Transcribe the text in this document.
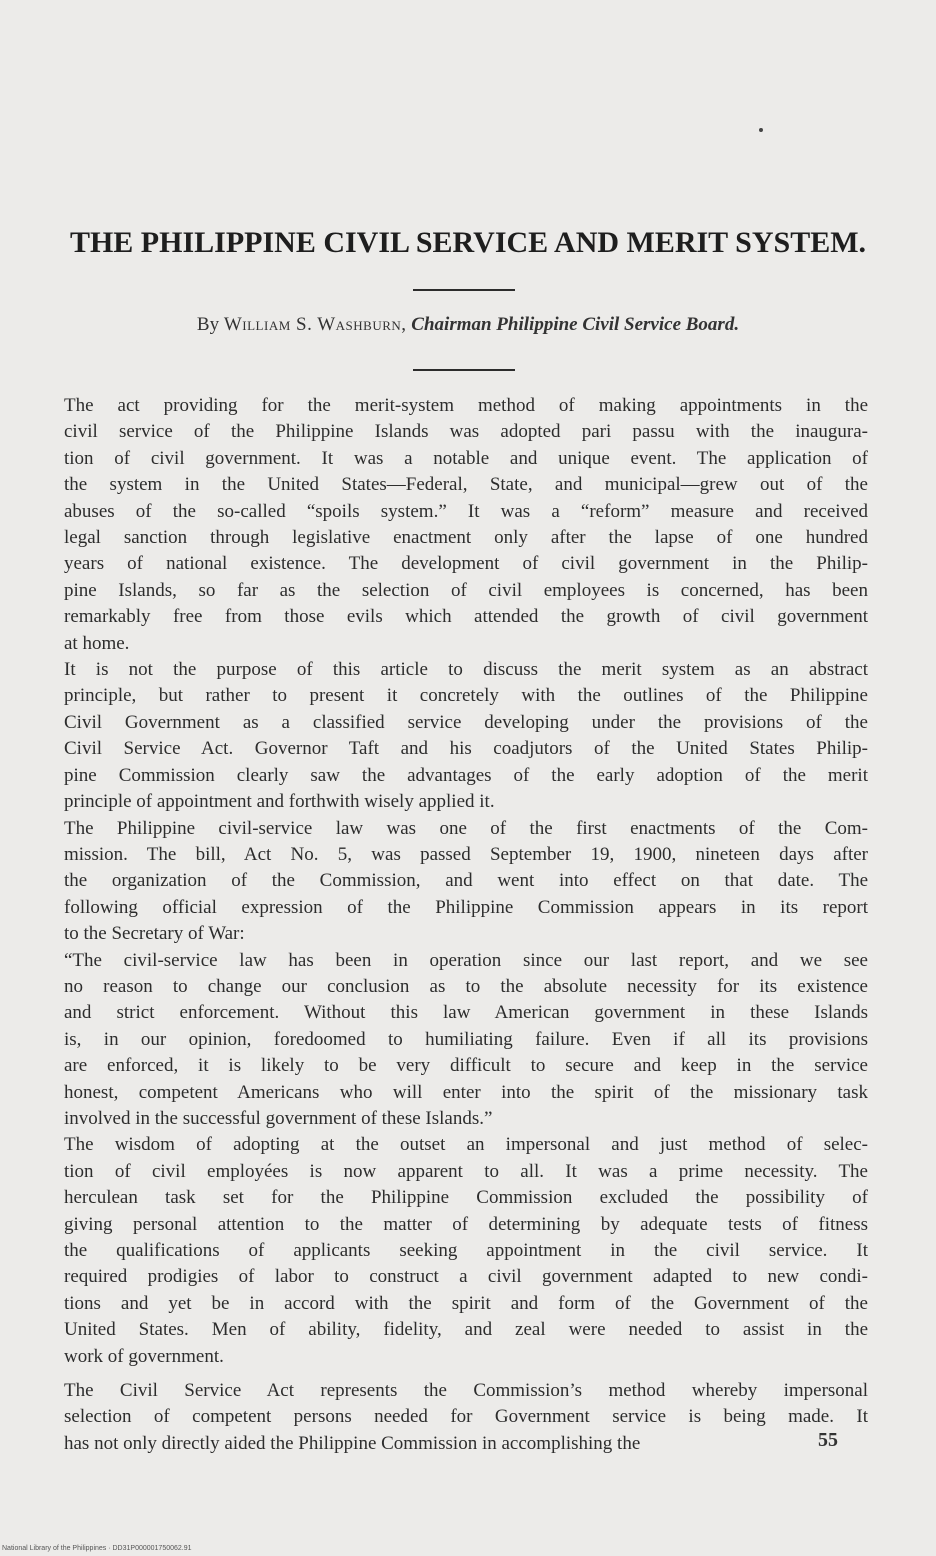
THE PHILIPPINE CIVIL SERVICE AND MERIT SYSTEM.
By William S. Washburn, Chairman Philippine Civil Service Board.

The act providing for the merit-system method of making appointments in the
civil service of the Philippine Islands was adopted pari passu with the inaugura-
tion of civil government. It was a notable and unique event. The application of
the system in the United States—Federal, State, and municipal—grew out of the
abuses of the so-called “spoils system.” It was a “reform” measure and received
legal sanction through legislative enactment only after the lapse of one hundred
years of national existence. The development of civil government in the Philip-
pine Islands, so far as the selection of civil employees is concerned, has been
remarkably free from those evils which attended the growth of civil government
at home.

It is not the purpose of this article to discuss the merit system as an abstract
principle, but rather to present it concretely with the outlines of the Philippine
Civil Government as a classified service developing under the provisions of the
Civil Service Act. Governor Taft and his coadjutors of the United States Philip-
pine Commission clearly saw the advantages of the early adoption of the merit
principle of appointment and forthwith wisely applied it.

The Philippine civil-service law was one of the first enactments of the Com-
mission. The bill, Act No. 5, was passed September 19, 1900, nineteen days after
the organization of the Commission, and went into effect on that date. The
following official expression of the Philippine Commission appears in its report
to the Secretary of War:

“The civil-service law has been in operation since our last report, and we see
no reason to change our conclusion as to the absolute necessity for its existence
and strict enforcement. Without this law American government in these Islands
is, in our opinion, foredoomed to humiliating failure. Even if all its provisions
are enforced, it is likely to be very difficult to secure and keep in the service
honest, competent Americans who will enter into the spirit of the missionary task
involved in the successful government of these Islands.”

The wisdom of adopting at the outset an impersonal and just method of selec-
tion of civil employées is now apparent to all. It was a prime necessity. The
herculean task set for the Philippine Commission excluded the possibility of
giving personal attention to the matter of determining by adequate tests of fitness
the qualifications of applicants seeking appointment in the civil service. It
required prodigies of labor to construct a civil government adapted to new condi-
tions and yet be in accord with the spirit and form of the Government of the
United States. Men of ability, fidelity, and zeal were needed to assist in the
work of government.

The Civil Service Act represents the Commission’s method whereby impersonal
selection of competent persons needed for Government service is being made. It
has not only directly aided the Philippine Commission in accomplishing the	55
National Library of the Philippines · DD31P000001750062.91
